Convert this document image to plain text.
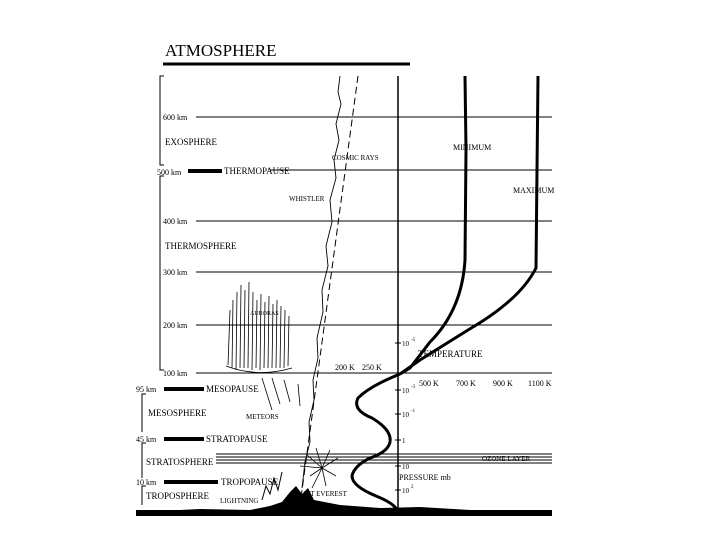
ATMOSPHERE
600 km
500 km
400 km
300 km
200 km
100 km
95 km
45 km
10 km
EXOSPHERE
THERMOPAUSE
THERMOSPHERE
MESOPAUSE
MESOSPHERE
STRATOPAUSE
STRATOSPHERE
TROPOPAUSE
TROPOSPHERE
COSMIC RAYS
WHISTLER
AURORAS
METEORS
LIGHTNING
MT EVEREST
10 -5
10 -3
10 -1
1
10
10 2
PRESSURE mb
MINIMUM
MAXIMUM
TEMPERATURE
200 K 250 K
500 K 700 K 900 K 1100 K
OZONE LAYER
